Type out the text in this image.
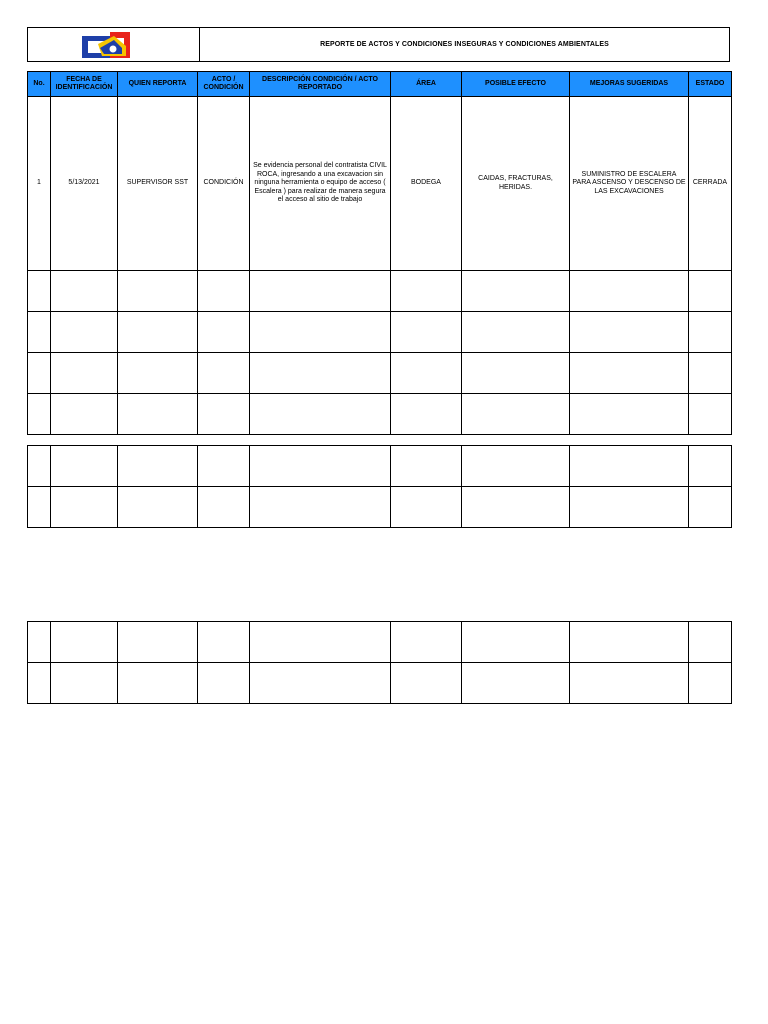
REPORTE DE ACTOS Y CONDICIONES INSEGURAS Y CONDICIONES AMBIENTALES
No.	FECHA DE IDENTIFICACIÓN	QUIEN REPORTA	ACTO / CONDICIÓN	DESCRIPCIÓN CONDICIÓN / ACTO REPORTADO	ÁREA	POSIBLE EFECTO	MEJORAS SUGERIDAS	ESTADO
1	5/13/2021	SUPERVISOR SST	CONDICIÓN	Se evidencia personal del contratista CIVIL ROCA, ingresando a una excavacion sin ninguna herramienta o equipo de acceso ( Escalera ) para realizar de manera segura el acceso al sitio de trabajo	BODEGA	CAIDAS, FRACTURAS, HERIDAS.	SUMINISTRO DE ESCALERA PARA ASCENSO Y DESCENSO DE LAS EXCAVACIONES	CERRADA
